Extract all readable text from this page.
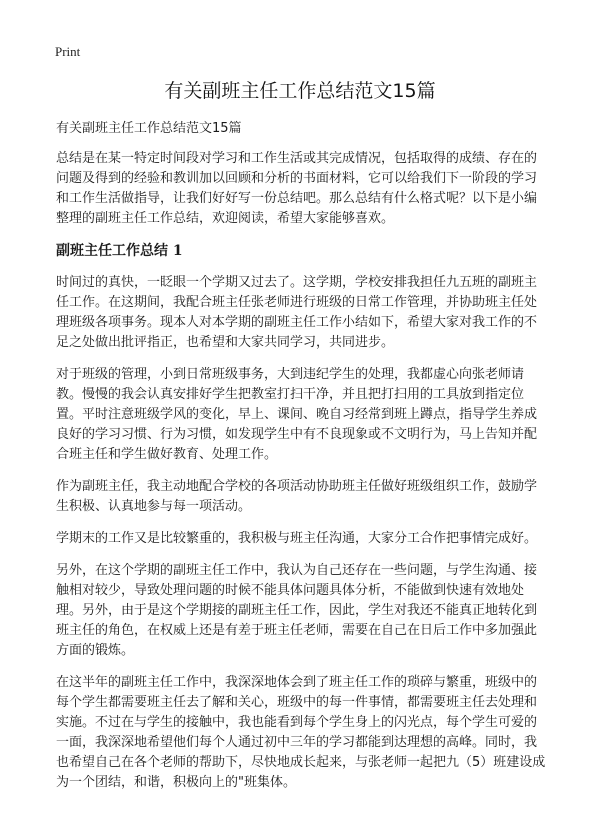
Print
有关副班主任工作总结范文15篇

有关副班主任工作总结范文15篇

总结是在某一特定时间段对学习和工作生活或其完成情况，包括取得的成绩、存在的问题及得到的经验和教训加以回顾和分析的书面材料，它可以给我们下一阶段的学习和工作生活做指导，让我们好好写一份总结吧。那么总结有什么格式呢？以下是小编整理的副班主任工作总结，欢迎阅读，希望大家能够喜欢。

副班主任工作总结 1

时间过的真快，一眨眼一个学期又过去了。这学期，学校安排我担任九五班的副班主任工作。在这期间，我配合班主任张老师进行班级的日常工作管理，并协助班主任处理班级各项事务。现本人对本学期的副班主任工作小结如下，希望大家对我工作的不足之处做出批评指正，也希望和大家共同学习，共同进步。

对于班级的管理，小到日常班级事务，大到违纪学生的处理，我都虚心向张老师请教。慢慢的我会认真安排好学生把教室打扫干净，并且把打扫用的工具放到指定位置。平时注意班级学风的变化，早上、课间、晚自习经常到班上蹲点，指导学生养成良好的学习习惯、行为习惯，如发现学生中有不良现象或不文明行为，马上告知并配合班主任和学生做好教育、处理工作。

作为副班主任，我主动地配合学校的各项活动协助班主任做好班级组织工作，鼓励学生积极、认真地参与每一项活动。

学期末的工作又是比较繁重的，我积极与班主任沟通，大家分工合作把事情完成好。

另外，在这个学期的副班主任工作中，我认为自己还存在一些问题，与学生沟通、接触相对较少，导致处理问题的时候不能具体问题具体分析，不能做到快速有效地处理。另外，由于是这个学期接的副班主任工作，因此，学生对我还不能真正地转化到班主任的角色，在权威上还是有差于班主任老师，需要在自己在日后工作中多加强此方面的锻炼。

在这半年的副班主任工作中，我深深地体会到了班主任工作的琐碎与繁重，班级中的每个学生都需要班主任去了解和关心，班级中的每一件事情，都需要班主任去处理和实施。不过在与学生的接触中，我也能看到每个学生身上的闪光点，每个学生可爱的一面，我深深地希望他们每个人通过初中三年的学习都能到达理想的高峰。同时，我也希望自己在各个老师的帮助下，尽快地成长起来，与张老师一起把九（5）班建设成为一个团结，和谐，积极向上的"班集体。
